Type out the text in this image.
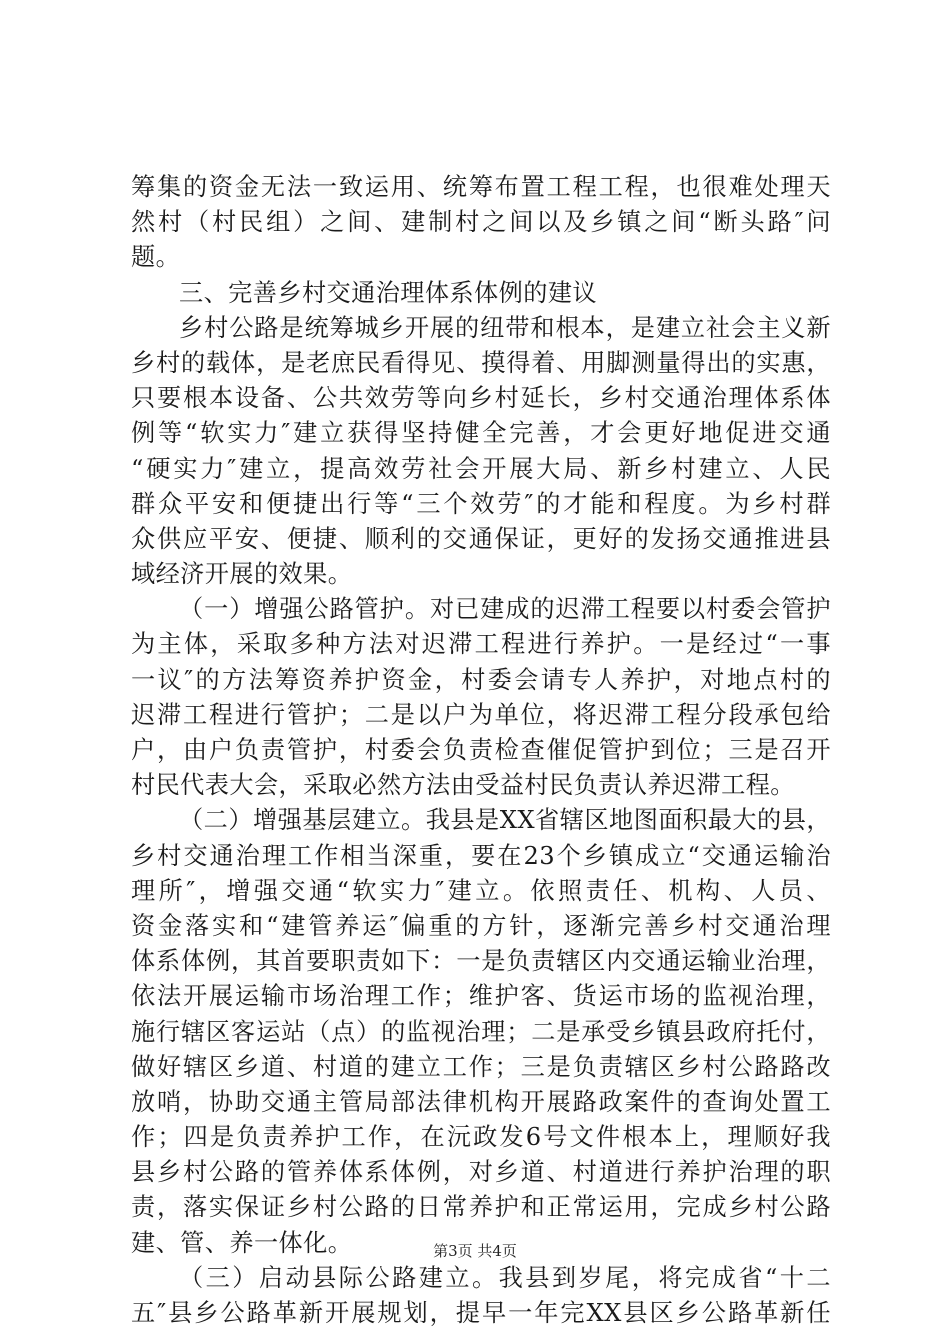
筹集的资金无法一致运用、统筹布置工程工程，也很难处理天
然村（村民组）之间、建制村之间以及乡镇之间“断头路″问
题。
三、完善乡村交通治理体系体例的建议
乡村公路是统筹城乡开展的纽带和根本，是建立社会主义新
乡村的载体，是老庶民看得见、摸得着、用脚测量得出的实惠，
只要根本设备、公共效劳等向乡村延长，乡村交通治理体系体
例等“软实力″建立获得坚持健全完善，才会更好地促进交通
“硬实力″建立，提高效劳社会开展大局、新乡村建立、人民
群众平安和便捷出行等“三个效劳″的才能和程度。为乡村群
众供应平安、便捷、顺利的交通保证，更好的发扬交通推进县
域经济开展的效果。
（一）增强公路管护。对已建成的迟滞工程要以村委会管护
为主体，采取多种方法对迟滞工程进行养护。一是经过“一事
一议″的方法筹资养护资金，村委会请专人养护，对地点村的
迟滞工程进行管护；二是以户为单位，将迟滞工程分段承包给
户，由户负责管护，村委会负责检查催促管护到位；三是召开
村民代表大会，采取必然方法由受益村民负责认养迟滞工程。
（二）增强基层建立。我县是XX省辖区地图面积最大的县，
乡村交通治理工作相当深重，要在23个乡镇成立“交通运输治
理所″，增强交通“软实力″建立。依照责任、机构、人员、
资金落实和“建管养运″偏重的方针，逐渐完善乡村交通治理
体系体例，其首要职责如下：一是负责辖区内交通运输业治理，
依法开展运输市场治理工作；维护客、货运市场的监视治理，
施行辖区客运站（点）的监视治理；二是承受乡镇县政府托付，
做好辖区乡道、村道的建立工作；三是负责辖区乡村公路路改
放哨，协助交通主管局部法律机构开展路政案件的查询处置工
作；四是负责养护工作，在沅政发6号文件根本上，理顺好我
县乡村公路的管养体系体例，对乡道、村道进行养护治理的职
责，落实保证乡村公路的日常养护和正常运用，完成乡村公路
建、管、养一体化。
（三）启动县际公路建立。我县到岁尾，将完成省“十二
五″县乡公路革新开展规划，提早一年完XX县区乡公路革新任
第3页 共4页
